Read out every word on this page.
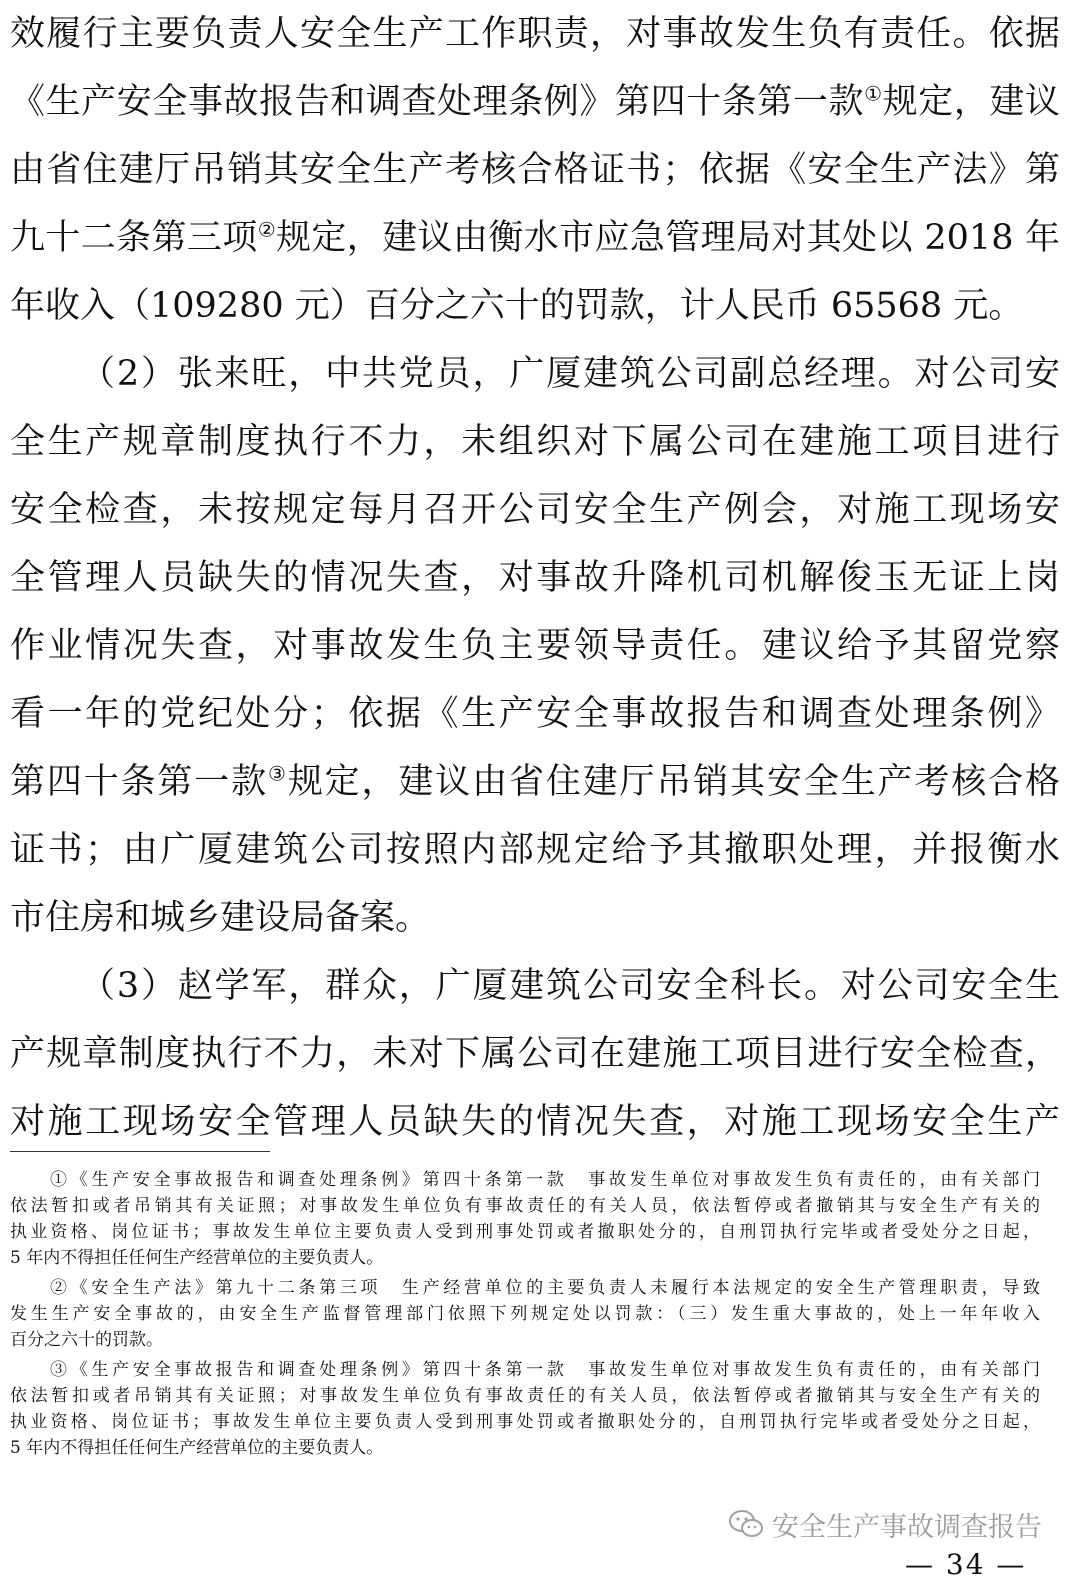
效履行主要负责人安全生产工作职责，对事故发生负有责任。依据
《生产安全事故报告和调查处理条例》第四十条第一款①规定，建议
由省住建厅吊销其安全生产考核合格证书；依据《安全生产法》第
九十二条第三项②规定，建议由衡水市应急管理局对其处以 2018 年
年收入（109280 元）百分之六十的罚款，计人民币 65568 元。
（2）张来旺，中共党员，广厦建筑公司副总经理。对公司安
全生产规章制度执行不力，未组织对下属公司在建施工项目进行
安全检查，未按规定每月召开公司安全生产例会，对施工现场安
全管理人员缺失的情况失查，对事故升降机司机解俊玉无证上岗
作业情况失查，对事故发生负主要领导责任。建议给予其留党察
看一年的党纪处分；依据《生产安全事故报告和调查处理条例》
第四十条第一款③规定，建议由省住建厅吊销其安全生产考核合格
证书；由广厦建筑公司按照内部规定给予其撤职处理，并报衡水
市住房和城乡建设局备案。
（3）赵学军，群众，广厦建筑公司安全科长。对公司安全生
产规章制度执行不力，未对下属公司在建施工项目进行安全检查，
对施工现场安全管理人员缺失的情况失查，对施工现场安全生产
①《生产安全事故报告和调查处理条例》第四十条第一款　事故发生单位对事故发生负有责任的，由有关部门
依法暂扣或者吊销其有关证照；对事故发生单位负有事故责任的有关人员，依法暂停或者撤销其与安全生产有关的
执业资格、岗位证书；事故发生单位主要负责人受到刑事处罚或者撤职处分的，自刑罚执行完毕或者受处分之日起，
5 年内不得担任任何生产经营单位的主要负责人。
②《安全生产法》第九十二条第三项　生产经营单位的主要负责人未履行本法规定的安全生产管理职责，导致
发生生产安全事故的，由安全生产监督管理部门依照下列规定处以罚款：（三）发生重大事故的，处上一年年收入
百分之六十的罚款。
③《生产安全事故报告和调查处理条例》第四十条第一款　事故发生单位对事故发生负有责任的，由有关部门
依法暂扣或者吊销其有关证照；对事故发生单位负有事故责任的有关人员，依法暂停或者撤销其与安全生产有关的
执业资格、岗位证书；事故发生单位主要负责人受到刑事处罚或者撤职处分的，自刑罚执行完毕或者受处分之日起，
5 年内不得担任任何生产经营单位的主要负责人。
安全生产事故调查报告
— 34 —
